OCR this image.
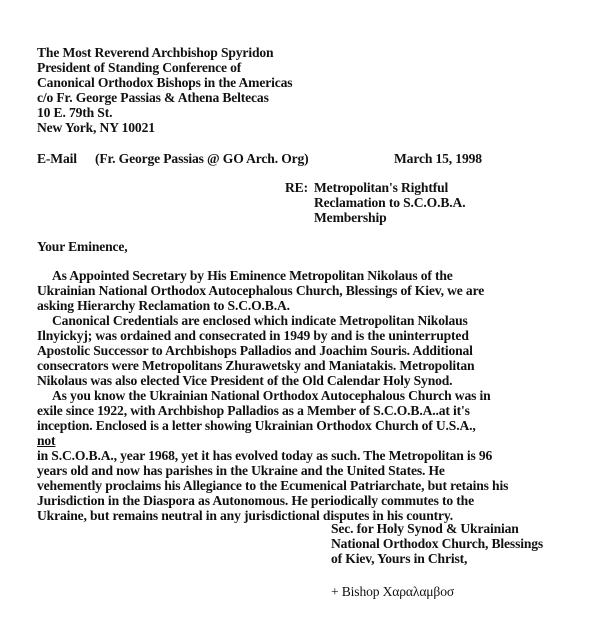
The Most Reverend Archbishop Spyridon
President of Standing Conference of
Canonical Orthodox Bishops in the Americas
c/o Fr. George Passias & Athena Beltecas
10 E. 79th St.
New York, NY 10021
E-Mail (Fr. George Passias @ GO Arch. Org)	March 15, 1998
RE: Metropolitan's Rightful
Reclamation to S.C.O.B.A.
Membership
Your Eminence,
As Appointed Secretary by His Eminence Metropolitan Nikolaus of the
Ukrainian National Orthodox Autocephalous Church, Blessings of Kiev, we are
asking Hierarchy Reclamation to S.C.O.B.A.
Canonical Credentials are enclosed which indicate Metropolitan Nikolaus
Ilnyickyj; was ordained and consecrated in 1949 by and is the uninterrupted
Apostolic Successor to Archbishops Palladios and Joachim Souris. Additional
consecrators were Metropolitans Zhurawetsky and Maniatakis. Metropolitan
Nikolaus was also elected Vice President of the Old Calendar Holy Synod.
As you know the Ukrainian National Orthodox Autocephalous Church was in
exile since 1922, with Archbishop Palladios as a Member of S.C.O.B.A..at it's
inception. Enclosed is a letter showing Ukrainian Orthodox Church of U.S.A.,
not
in S.C.O.B.A., year 1968, yet it has evolved today as such. The Metropolitan is 96
years old and now has parishes in the Ukraine and the United States. He
vehemently proclaims his Allegiance to the Ecumenical Patriarchate, but retains his
Jurisdiction in the Diaspora as Autonomous. He periodically commutes to the
Ukraine, but remains neutral in any jurisdictional disputes in his country.
Sec. for Holy Synod & Ukrainian
National Orthodox Church, Blessings
of Kiev, Yours in Christ,
+ Bishop Χαραλαμβοσ
